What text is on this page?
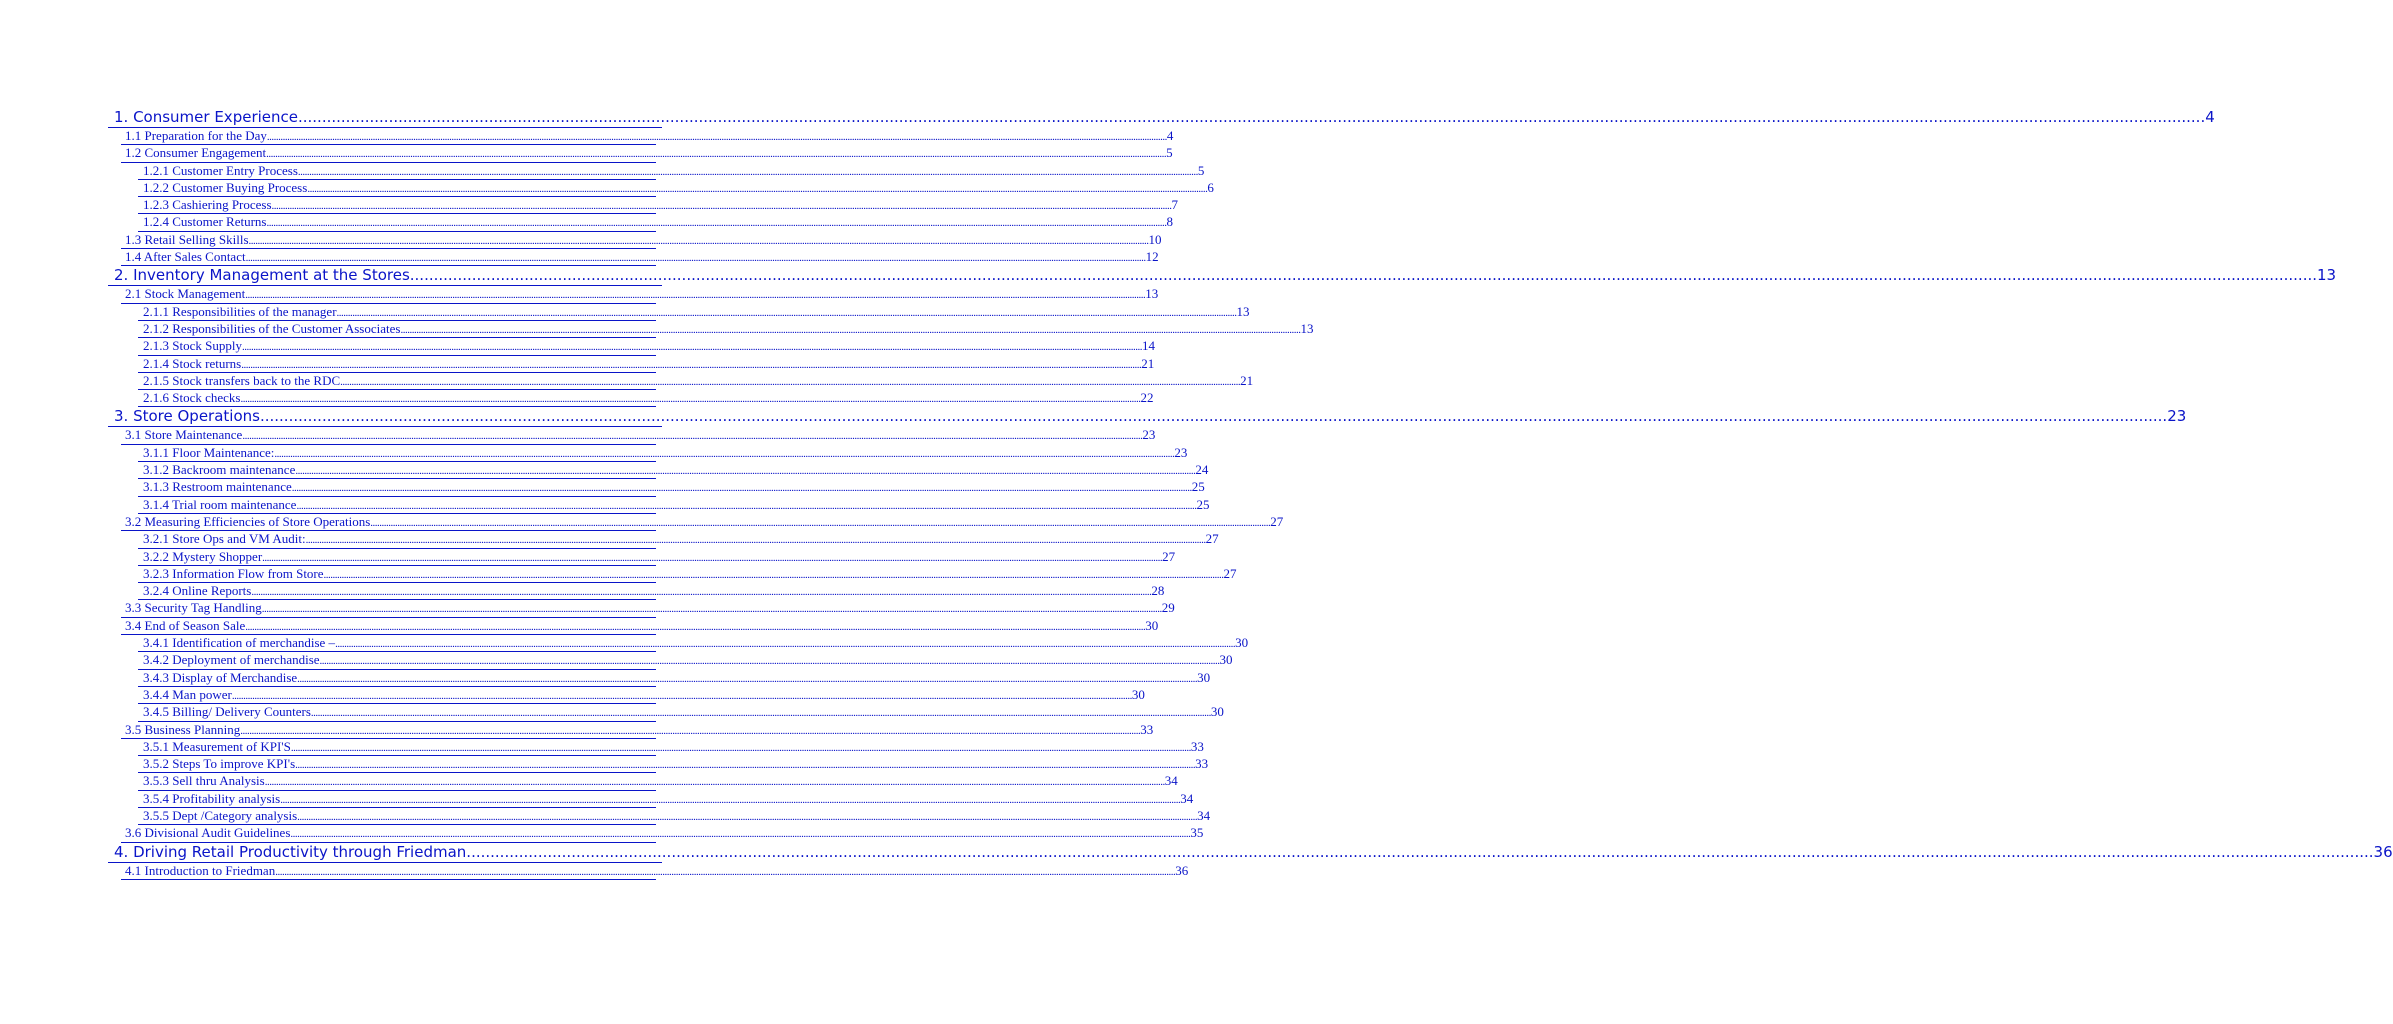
1. Consumer Experience ................................................................................................................................................................................................................................................................................................................................................................................................................ 4
1.1 Preparation for the Day ................................................................................................................................................................................................................................................................................................................................................................................................................ 4
1.2 Consumer Engagement ................................................................................................................................................................................................................................................................................................................................................................................................................ 5
1.2.1 Customer Entry Process ................................................................................................................................................................................................................................................................................................................................................................................................................ 5
1.2.2 Customer Buying Process ................................................................................................................................................................................................................................................................................................................................................................................................................ 6
1.2.3 Cashiering Process ................................................................................................................................................................................................................................................................................................................................................................................................................ 7
1.2.4 Customer Returns ................................................................................................................................................................................................................................................................................................................................................................................................................ 8
1.3 Retail Selling Skills ................................................................................................................................................................................................................................................................................................................................................................................................................ 10
1.4 After Sales Contact ................................................................................................................................................................................................................................................................................................................................................................................................................ 12
2. Inventory Management at the Stores ................................................................................................................................................................................................................................................................................................................................................................................................................ 13
2.1 Stock Management ................................................................................................................................................................................................................................................................................................................................................................................................................ 13
2.1.1 Responsibilities of the manager ................................................................................................................................................................................................................................................................................................................................................................................................................ 13
2.1.2 Responsibilities of the Customer Associates ................................................................................................................................................................................................................................................................................................................................................................................................................ 13
2.1.3 Stock Supply ................................................................................................................................................................................................................................................................................................................................................................................................................ 14
2.1.4 Stock returns ................................................................................................................................................................................................................................................................................................................................................................................................................ 21
2.1.5 Stock transfers back to the RDC ................................................................................................................................................................................................................................................................................................................................................................................................................ 21
2.1.6 Stock checks ................................................................................................................................................................................................................................................................................................................................................................................................................ 22
3. Store Operations ................................................................................................................................................................................................................................................................................................................................................................................................................ 23
3.1 Store Maintenance ................................................................................................................................................................................................................................................................................................................................................................................................................ 23
3.1.1 Floor Maintenance: ................................................................................................................................................................................................................................................................................................................................................................................................................ 23
3.1.2 Backroom maintenance ................................................................................................................................................................................................................................................................................................................................................................................................................ 24
3.1.3 Restroom maintenance ................................................................................................................................................................................................................................................................................................................................................................................................................ 25
3.1.4 Trial room maintenance ................................................................................................................................................................................................................................................................................................................................................................................................................ 25
3.2 Measuring Efficiencies of Store Operations ................................................................................................................................................................................................................................................................................................................................................................................................................ 27
3.2.1 Store Ops and VM Audit: ................................................................................................................................................................................................................................................................................................................................................................................................................ 27
3.2.2 Mystery Shopper ................................................................................................................................................................................................................................................................................................................................................................................................................ 27
3.2.3 Information Flow from Store ................................................................................................................................................................................................................................................................................................................................................................................................................ 27
3.2.4 Online Reports ................................................................................................................................................................................................................................................................................................................................................................................................................ 28
3.3 Security Tag Handling ................................................................................................................................................................................................................................................................................................................................................................................................................ 29
3.4 End of Season Sale ................................................................................................................................................................................................................................................................................................................................................................................................................ 30
3.4.1 Identification of merchandise – ................................................................................................................................................................................................................................................................................................................................................................................................................ 30
3.4.2 Deployment of merchandise ................................................................................................................................................................................................................................................................................................................................................................................................................ 30
3.4.3 Display of Merchandise ................................................................................................................................................................................................................................................................................................................................................................................................................ 30
3.4.4 Man power ................................................................................................................................................................................................................................................................................................................................................................................................................ 30
3.4.5 Billing/ Delivery Counters ................................................................................................................................................................................................................................................................................................................................................................................................................ 30
3.5 Business Planning ................................................................................................................................................................................................................................................................................................................................................................................................................ 33
3.5.1 Measurement of KPI'S ................................................................................................................................................................................................................................................................................................................................................................................................................ 33
3.5.2 Steps To improve KPI's ................................................................................................................................................................................................................................................................................................................................................................................................................ 33
3.5.3 Sell thru Analysis ................................................................................................................................................................................................................................................................................................................................................................................................................ 34
3.5.4 Profitability analysis ................................................................................................................................................................................................................................................................................................................................................................................................................ 34
3.5.5 Dept /Category analysis ................................................................................................................................................................................................................................................................................................................................................................................................................ 34
3.6 Divisional Audit Guidelines ................................................................................................................................................................................................................................................................................................................................................................................................................ 35
4. Driving Retail Productivity through Friedman ................................................................................................................................................................................................................................................................................................................................................................................................................ 36
4.1 Introduction to Friedman ................................................................................................................................................................................................................................................................................................................................................................................................................ 36
